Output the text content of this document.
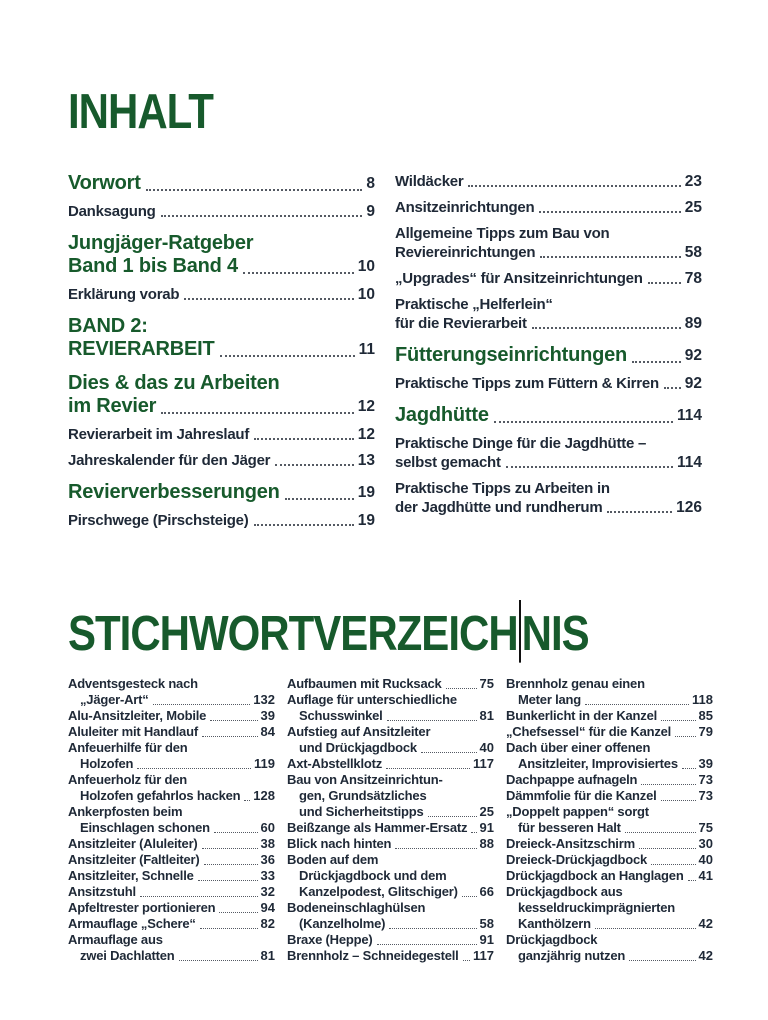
INHALT
Vorwort	8
Danksagung	9
Jungjäger-Ratgeber
Band 1 bis Band 4	10
Erklärung vorab	10
BAND 2:
REVIERARBEIT	11
Dies & das zu Arbeiten
im Revier	12
Revierarbeit im Jahreslauf	12
Jahreskalender für den Jäger	13
Revierverbesserungen	19
Pirschwege (Pirschsteige)	19
Wildäcker	23
Ansitzeinrichtungen	25
Allgemeine Tipps zum Bau von
Reviereinrichtungen	58
„Upgrades“ für Ansitzeinrichtungen	78
Praktische „Helferlein“
für die Revierarbeit	89
Fütterungseinrichtungen	92
Praktische Tipps zum Füttern & Kirren 92
Jagdhütte	114
Praktische Dinge für die Jagdhütte –
selbst gemacht	114
Praktische Tipps zu Arbeiten in
der Jagdhütte und rundherum	126
STICHWORTVERZEICHNIS
Adventsgesteck nach
„Jäger-Art“	132
Alu-Ansitzleiter, Mobile	39
Aluleiter mit Handlauf	84
Anfeuerhilfe für den
Holzofen	119
Anfeuerholz für den
Holzofen gefahrlos hacken 128
Ankerpfosten beim
Einschlagen schonen	60
Ansitzleiter (Aluleiter)	38
Ansitzleiter (Faltleiter)	36
Ansitzleiter, Schnelle	33
Ansitzstuhl	32
Apfeltrester portionieren	94
Armauflage „Schere“	82
Armauflage aus
zwei Dachlatten	81
Aufbaumen mit Rucksack	75
Auflage für unterschiedliche
Schusswinkel	81
Aufstieg auf Ansitzleiter
und Drückjagdbock	40
Axt-Abstellklotz	117
Bau von Ansitzeinrichtun-
gen, Grundsätzliches
und Sicherheitstipps	25
Beißzange als Hammer-Ersatz 91
Blick nach hinten	88
Boden auf dem
Drückjagdbock und dem
Kanzelpodest, Glitschiger) 66
Bodeneinschlaghülsen
(Kanzelholme)	58
Braxe (Heppe)	91
Brennholz – Schneidegestell 117
Brennholz genau einen
Meter lang	118
Bunkerlicht in der Kanzel	85
„Chefsessel“ für die Kanzel 79
Dach über einer offenen
Ansitzleiter, Improvisiertes 39
Dachpappe aufnageln	73
Dämmfolie für die Kanzel	73
„Doppelt pappen“ sorgt
für besseren Halt	75
Dreieck-Ansitzschirm	30
Dreieck-Drückjagdbock	40
Drückjagdbock an Hanglagen 41
Drückjagdbock aus
kesseldruckimprägnierten
Kanthölzern	42
Drückjagdbock
ganzjährig nutzen	42
